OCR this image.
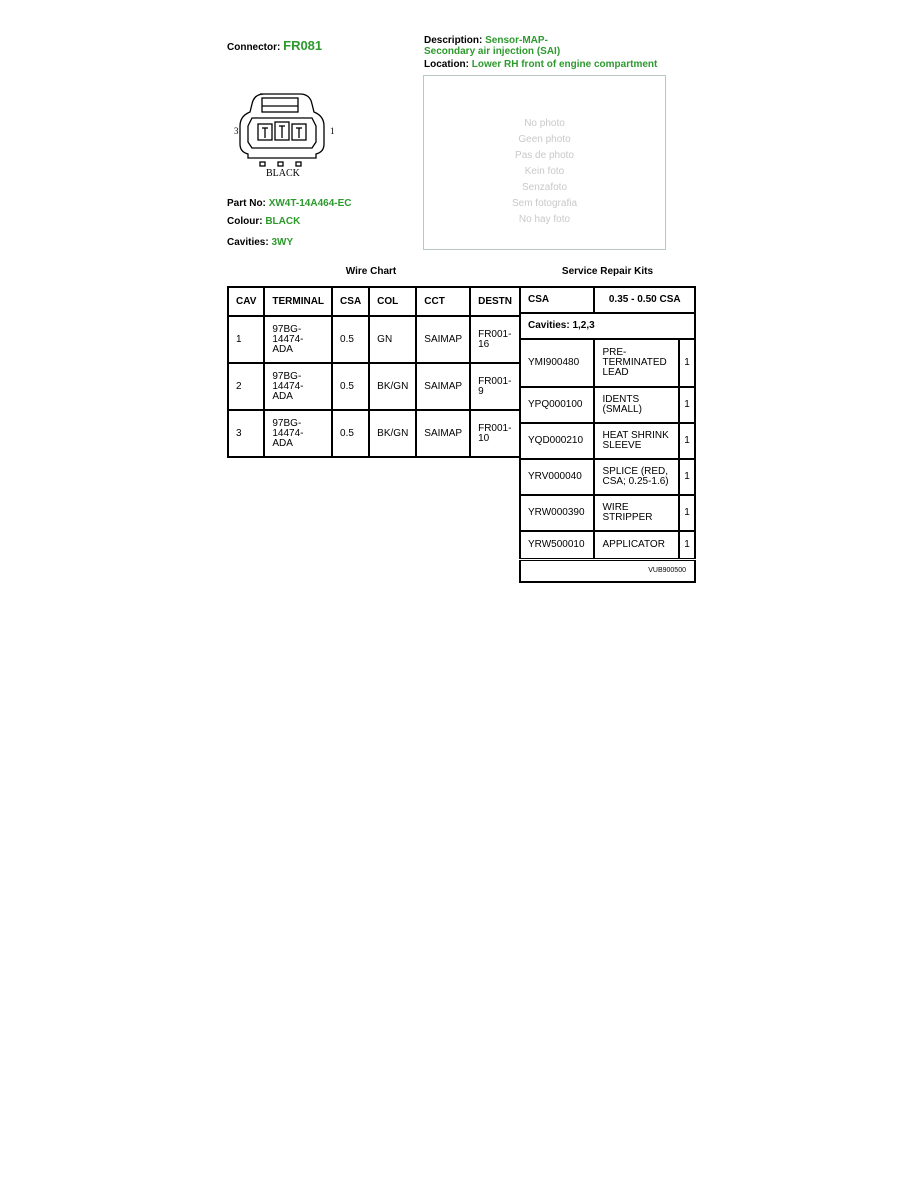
Connector: FR081	Description: Sensor-MAP-
Secondary air injection (SAI)
Location: Lower RH front of engine compartment
3	1
BLACK
Part No: XW4T-14A464-EC
Colour: BLACK
Cavities: 3WY
No photo
Geen photo
Pas de photo
Kein foto
Senzafoto
Sem fotografia
No hay foto
Wire Chart	Service Repair Kits
CAV	TERMINAL	CSA	COL	CCT	DESTN
1	97BG-
14474-
ADA	0.5	GN	SAIMAP	FR001-
16
2	97BG-
14474-
ADA	0.5	BK/GN	SAIMAP	FR001-
9
3	97BG-
14474-
ADA	0.5	BK/GN	SAIMAP	FR001-
10
CSA	0.35 - 0.50 CSA	
Cavities: 1,2,3		
YMI900480	PRE-
TERMINATED
LEAD	1
YPQ000100	IDENTS
(SMALL)	1
YQD000210	HEAT SHRINK
SLEEVE	1
YRV000040	SPLICE (RED,
CSA; 0.25-1.6)	1
YRW000390	WIRE
STRIPPER	1
YRW500010	APPLICATOR	1
VUB900500		
